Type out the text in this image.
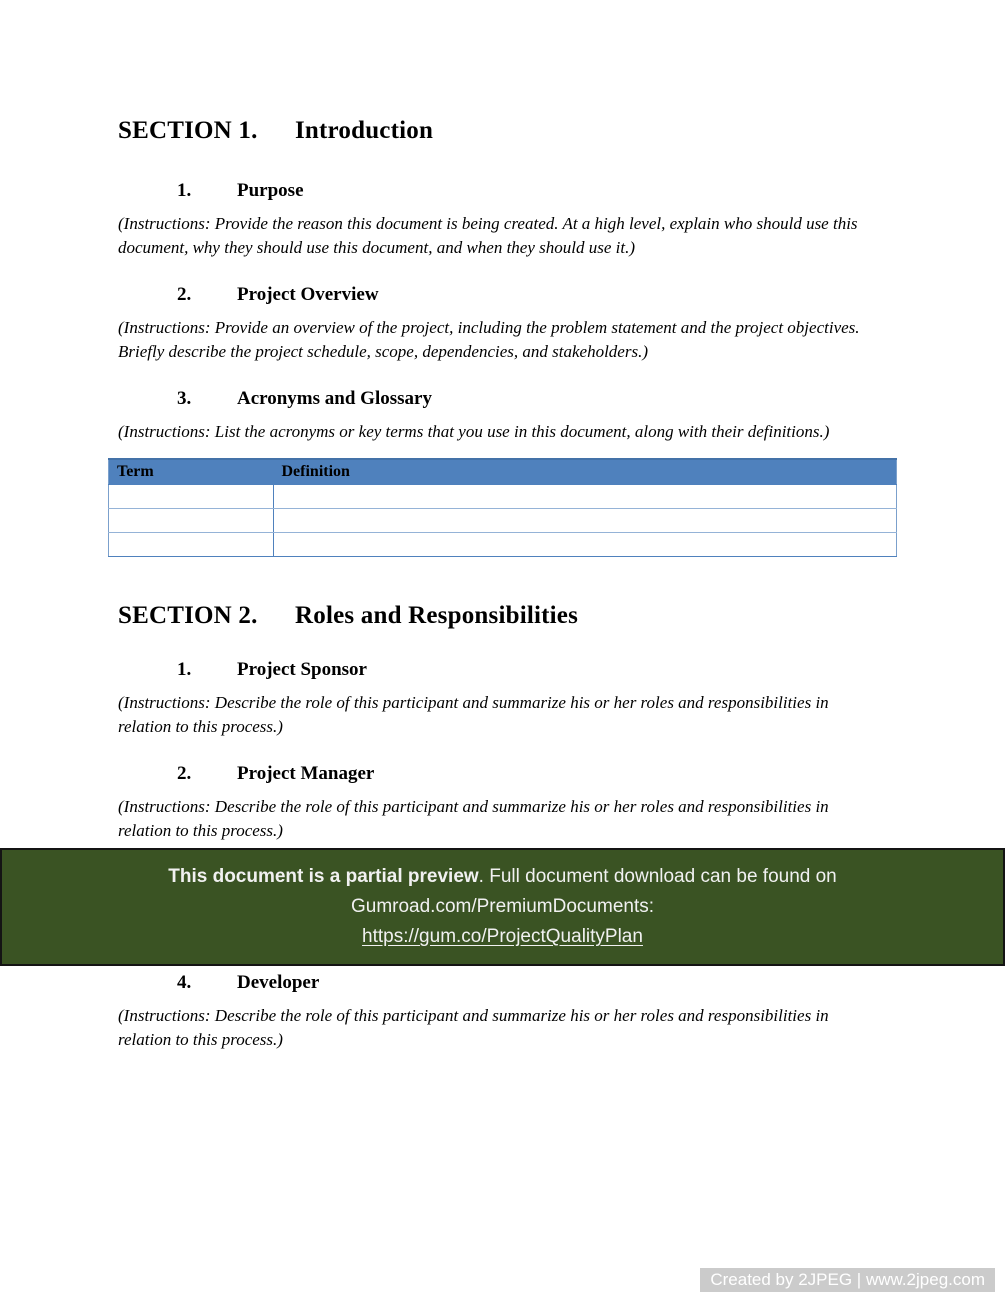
SECTION 1. Introduction
1. Purpose

(Instructions: Provide the reason this document is being created. At a high level, explain who should use this document, why they should use this document, and when they should use it.)

2. Project Overview

(Instructions: Provide an overview of the project, including the problem statement and the project objectives. Briefly describe the project schedule, scope, dependencies, and stakeholders.)

3. Acronyms and Glossary

(Instructions: List the acronyms or key terms that you use in this document, along with their definitions.)

Term	Definition

SECTION 2. Roles and Responsibilities
1. Project Sponsor

(Instructions: Describe the role of this participant and summarize his or her roles and responsibilities in relation to this process.)

2. Project Manager

(Instructions: Describe the role of this participant and summarize his or her roles and responsibilities in relation to this process.)

This document is a partial preview. Full document download can be found on
Gumroad.com/PremiumDocuments:
https://gum.co/ProjectQualityPlan
4. Developer

(Instructions: Describe the role of this participant and summarize his or her roles and responsibilities in relation to this process.)

Created by 2JPEG | www.2jpeg.com
